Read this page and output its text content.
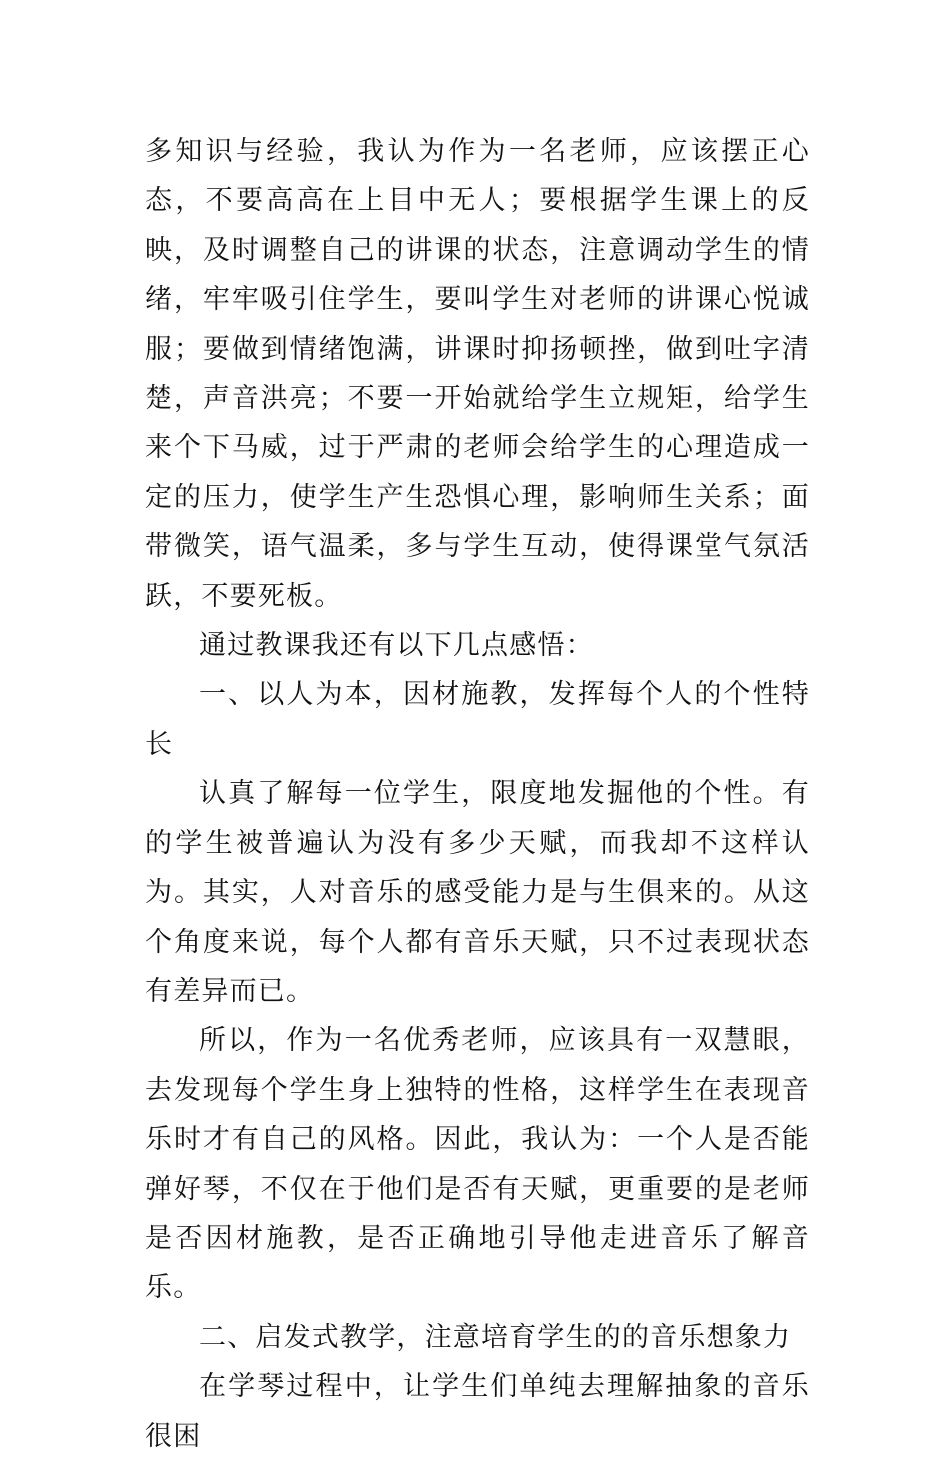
多知识与经验，我认为作为一名老师，应该摆正心态，不要高高在上目中无人；要根据学生课上的反映，及时调整自己的讲课的状态，注意调动学生的情绪，牢牢吸引住学生，要叫学生对老师的讲课心悦诚服；要做到情绪饱满，讲课时抑扬顿挫，做到吐字清楚，声音洪亮；不要一开始就给学生立规矩，给学生来个下马威，过于严肃的老师会给学生的心理造成一定的压力，使学生产生恐惧心理，影响师生关系；面带微笑，语气温柔，多与学生互动，使得课堂气氛活跃，不要死板。

通过教课我还有以下几点感悟：

一、以人为本，因材施教，发挥每个人的个性特长

认真了解每一位学生，限度地发掘他的个性。有的学生被普遍认为没有多少天赋，而我却不这样认为。其实，人对音乐的感受能力是与生俱来的。从这个角度来说，每个人都有音乐天赋，只不过表现状态有差异而已。

所以，作为一名优秀老师，应该具有一双慧眼，去发现每个学生身上独特的性格，这样学生在表现音乐时才有自己的风格。因此，我认为：一个人是否能弹好琴，不仅在于他们是否有天赋，更重要的是老师是否因材施教，是否正确地引导他走进音乐了解音乐。

二、启发式教学，注意培育学生的的音乐想象力

在学琴过程中，让学生们单纯去理解抽象的音乐很困
